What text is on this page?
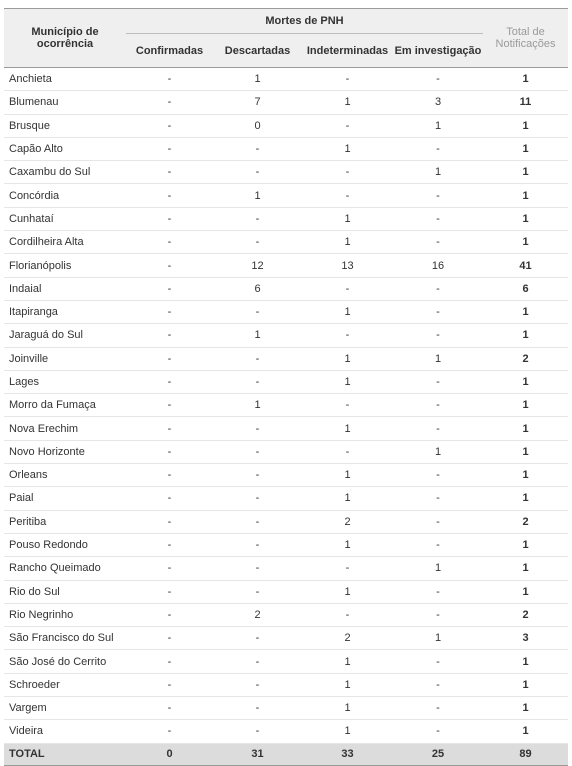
Município de ocorrência	Mortes de PNH				Total de Notificações
	Confirmadas	Descartadas	Indeterminadas	Em investigação	
Anchieta	-	1	-	-	1
Blumenau	-	7	1	3	11
Brusque	-	0	-	1	1
Capão Alto	-	-	1	-	1
Caxambu do Sul	-	-	-	1	1
Concórdia	-	1	-	-	1
Cunhataí	-	-	1	-	1
Cordilheira Alta	-	-	1	-	1
Florianópolis	-	12	13	16	41
Indaial	-	6	-	-	6
Itapiranga	-	-	1	-	1
Jaraguá do Sul	-	1	-	-	1
Joinville	-	-	1	1	2
Lages	-	-	1	-	1
Morro da Fumaça	-	1	-	-	1
Nova Erechim	-	-	1	-	1
Novo Horizonte	-	-	-	1	1
Orleans	-	-	1	-	1
Paial	-	-	1	-	1
Peritiba	-	-	2	-	2
Pouso Redondo	-	-	1	-	1
Rancho Queimado	-	-	-	1	1
Rio do Sul	-	-	1	-	1
Rio Negrinho	-	2	-	-	2
São Francisco do Sul	-	-	2	1	3
São José do Cerrito	-	-	1	-	1
Schroeder	-	-	1	-	1
Vargem	-	-	1	-	1
Videira	-	-	1	-	1
TOTAL	0	31	33	25	89
